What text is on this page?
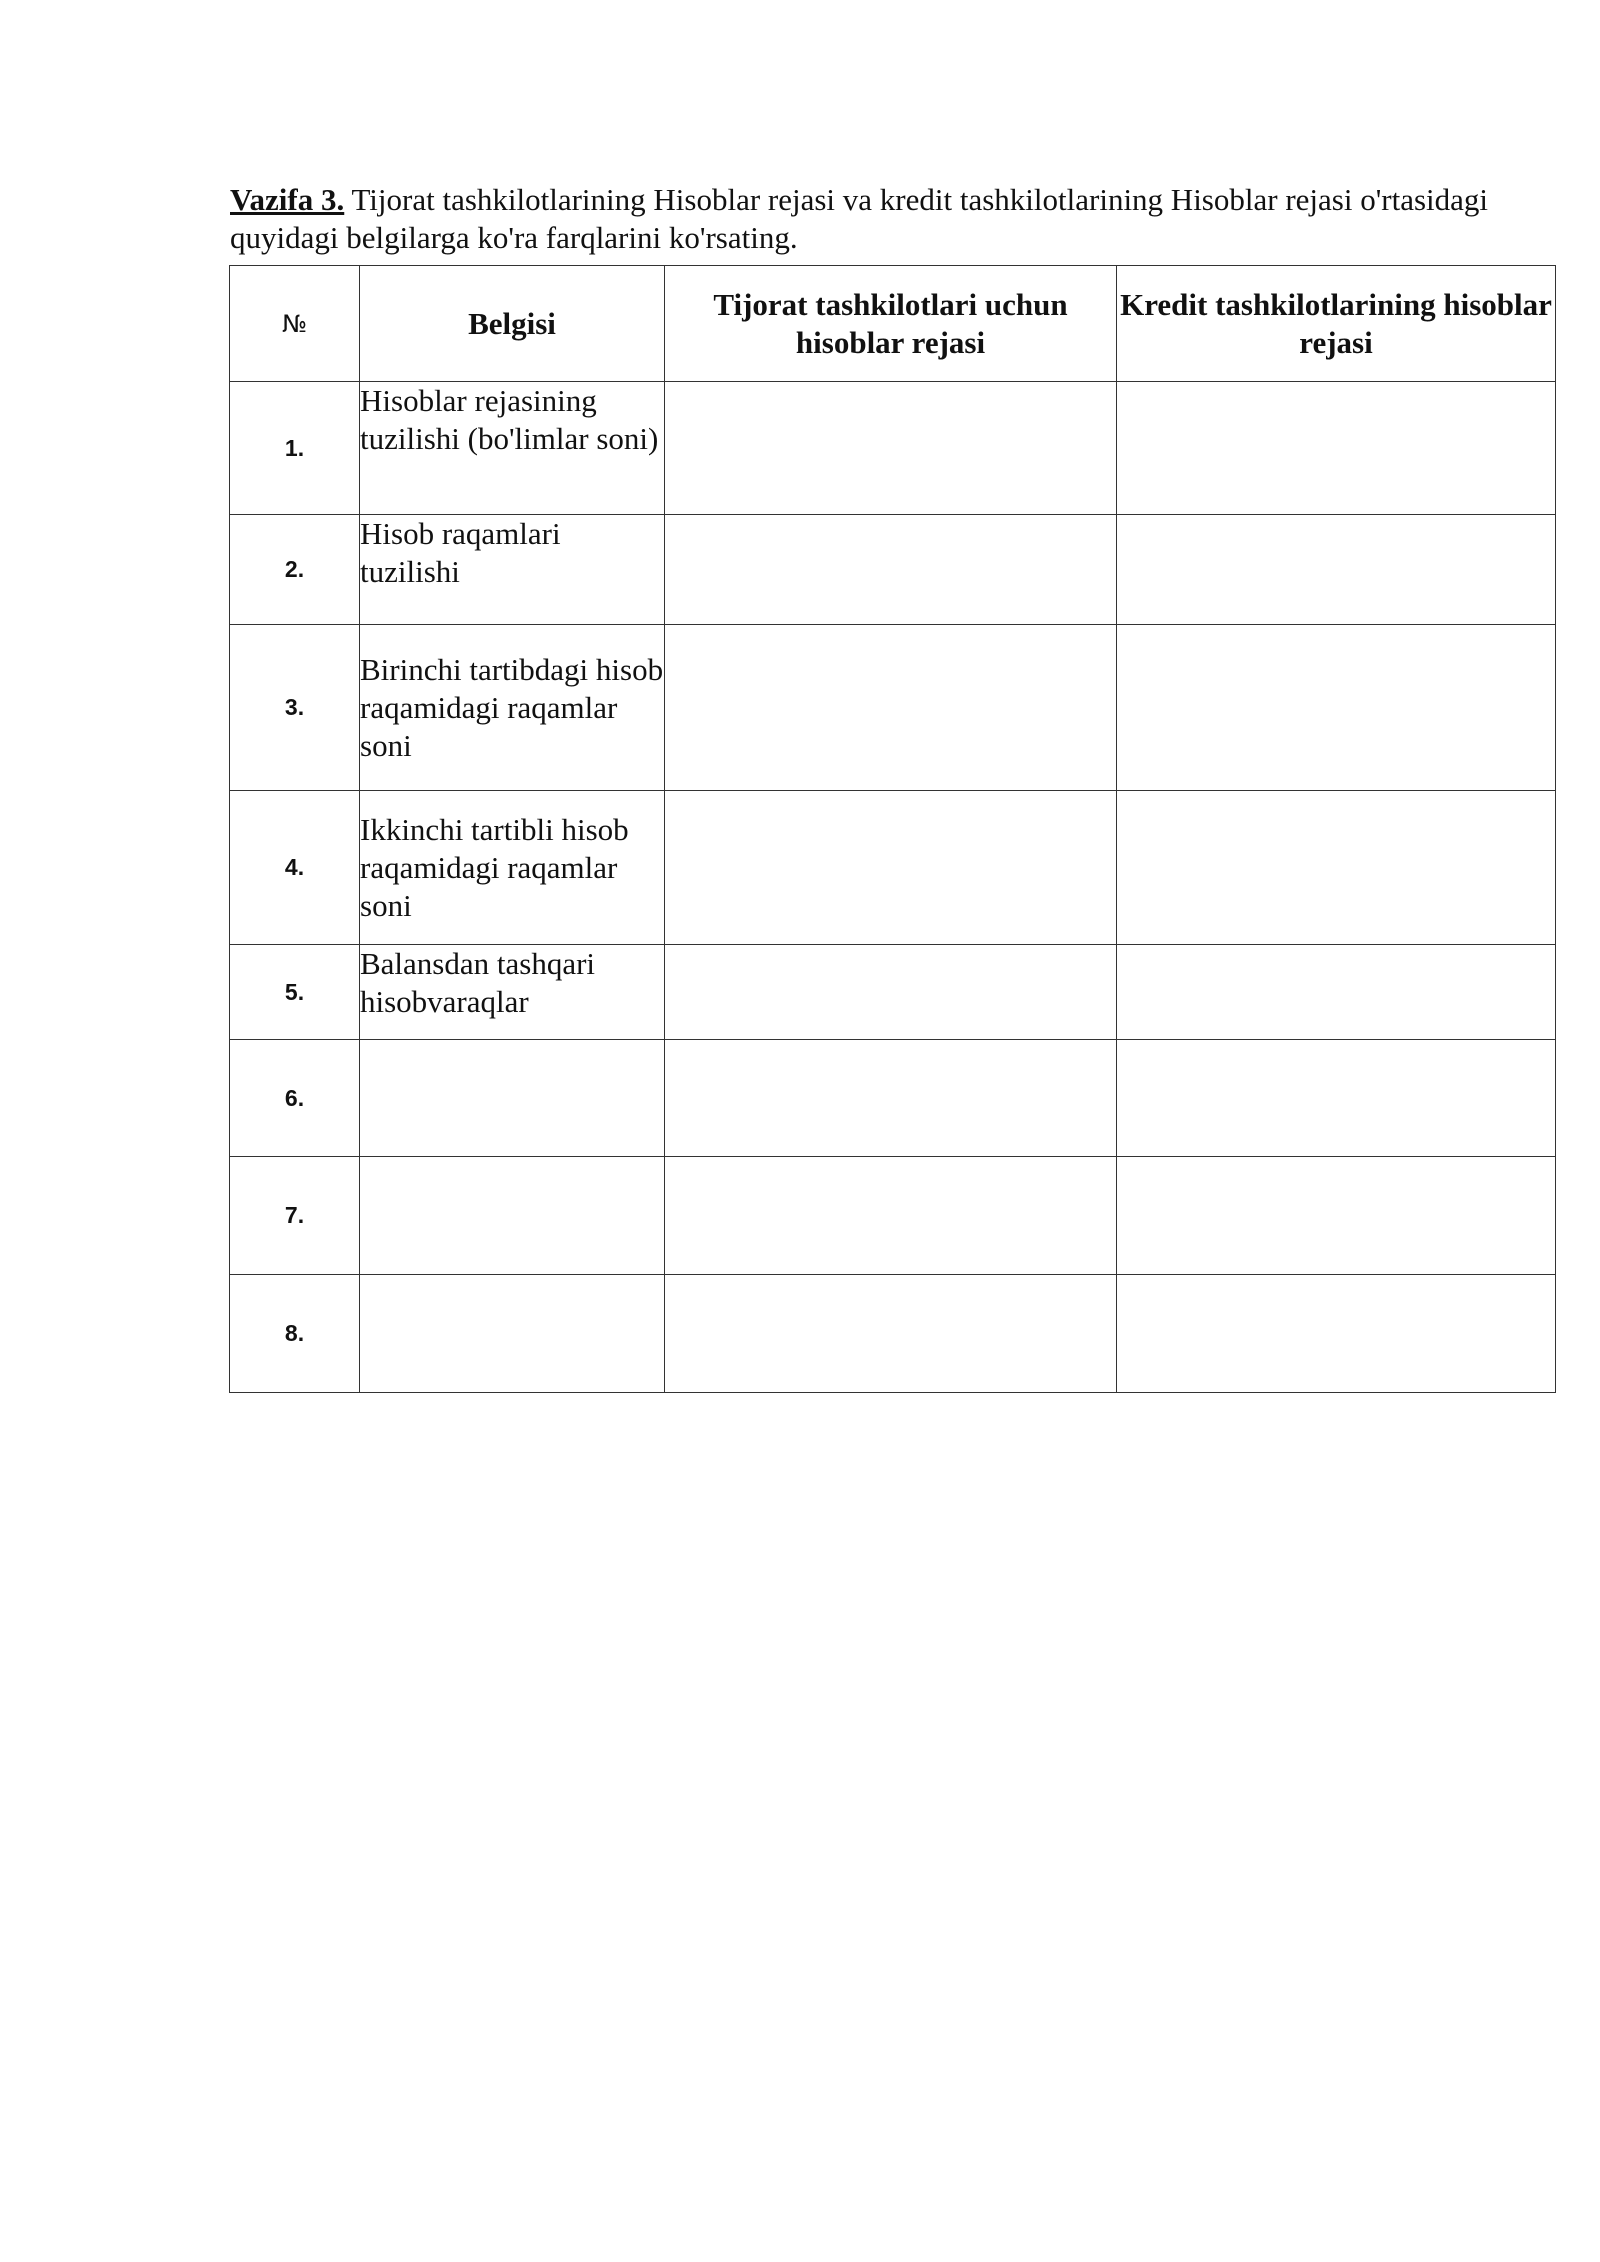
Vazifa 3. Tijorat tashkilotlarining Hisoblar rejasi va kredit tashkilotlarining Hisoblar rejasi o'rtasidagi quyidagi belgilarga ko'ra farqlarini ko'rsating.

№	Belgisi	Tijorat tashkilotlari uchun hisoblar rejasi	Kredit tashkilotlarining hisoblar rejasi
1.	Hisoblar rejasining tuzilishi (bo'limlar soni)		
2.	Hisob raqamlari tuzilishi		
3.	Birinchi tartibdagi hisob raqamidagi raqamlar soni		
4.	Ikkinchi tartibli hisob raqamidagi raqamlar soni		
5.	Balansdan tashqari hisobvaraqlar		
6.			
7.			
8.			
